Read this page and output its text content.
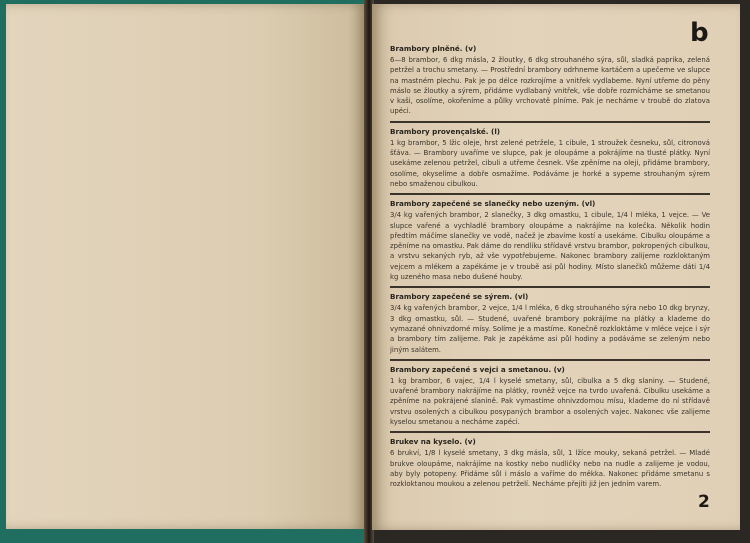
b

Brambory plněné. (v)

6—8 brambor, 6 dkg másla, 2 žloutky, 6 dkg strouhaného sýra, sůl, sladká paprika, zelená petržel a trochu smetany. — Prostřední brambory odrhneme kartáčem a upečeme ve slupce na mastném plechu. Pak je po délce rozkrojíme a vnitřek vydlabeme. Nyní utřeme do pěny máslo se žloutky a sýrem, přidáme vydlabaný vnitřek, vše dobře rozmícháme se smetanou v kaši, osolíme, okořeníme a půlky vrchovatě plníme. Pak je necháme v troubě do zlatova upéci.

Brambory provençalské. (l)

1 kg brambor, 5 lžic oleje, hrst zelené petržele, 1 cibule, 1 stroužek česneku, sůl, citronová šťáva. — Brambory uvaříme ve slupce, pak je oloupáme a pokrájíme na tlusté plátky. Nyní usekáme zelenou petržel, cibuli a utřeme česnek. Vše zpěníme na oleji, přidáme brambory, osolíme, okyselíme a dobře osmažíme. Podáváme je horké a sypeme strouhaným sýrem nebo smaženou cibulkou.

Brambory zapečené se slanečky nebo uzeným. (vl)

3/4 kg vařených brambor, 2 slanečky, 3 dkg omastku, 1 cibule, 1/4 l mléka, 1 vejce. — Ve slupce vařené a vychladlé brambory oloupáme a nakrájíme na kolečka. Několik hodin předtím máčíme slanečky ve vodě, načež je zbavíme kostí a usekáme. Cibulku oloupáme a zpěníme na omastku. Pak dáme do rendlíku střídavě vrstvu brambor, pokropených cibulkou, a vrstvu sekaných ryb, až vše vypotřebujeme. Nakonec brambory zalijeme rozkloktaným vejcem a mlékem a zapékáme je v troubě asi půl hodiny. Místo slanečků můžeme dáti 1/4 kg uzeného masa nebo dušené houby.

Brambory zapečené se sýrem. (vl)

3/4 kg vařených brambor, 2 vejce, 1/4 l mléka, 6 dkg strouhaného sýra nebo 10 dkg brynzy, 3 dkg omastku, sůl. — Studené, uvařené brambory pokrájíme na plátky a klademe do vymazané ohnivzdorné mísy. Solíme je a mastíme. Konečně rozkloktáme v mléce vejce i sýr a brambory tím zalijeme. Pak je zapékáme asi půl hodiny a podáváme se zeleným nebo jiným salátem.

Brambory zapečené s vejci a smetanou. (v)

1 kg brambor, 6 vajec, 1/4 l kyselé smetany, sůl, cibulka a 5 dkg slaniny. — Studené, uvařené brambory nakrájíme na plátky, rovněž vejce na tvrdo uvařená. Cibulku usekáme a zpěníme na pokrájené slanině. Pak vymastíme ohnivzdornou mísu, klademe do ní střídavě vrstvu osolených a cibulkou posypaných brambor a osolených vajec. Nakonec vše zalijeme kyselou smetanou a necháme zapéci.

Brukev na kyselo. (v)

6 brukví, 1/8 l kyselé smetany, 3 dkg másla, sůl, 1 lžíce mouky, sekaná petržel. — Mladé brukve oloupáme, nakrájíme na kostky nebo nudličky nebo na nudle a zalijeme je vodou, aby byly potopeny. Přidáme sůl i máslo a vaříme do měkka. Nakonec přidáme smetanu s rozkloktanou moukou a zelenou petrželí. Necháme přejíti již jen jedním varem.

2
